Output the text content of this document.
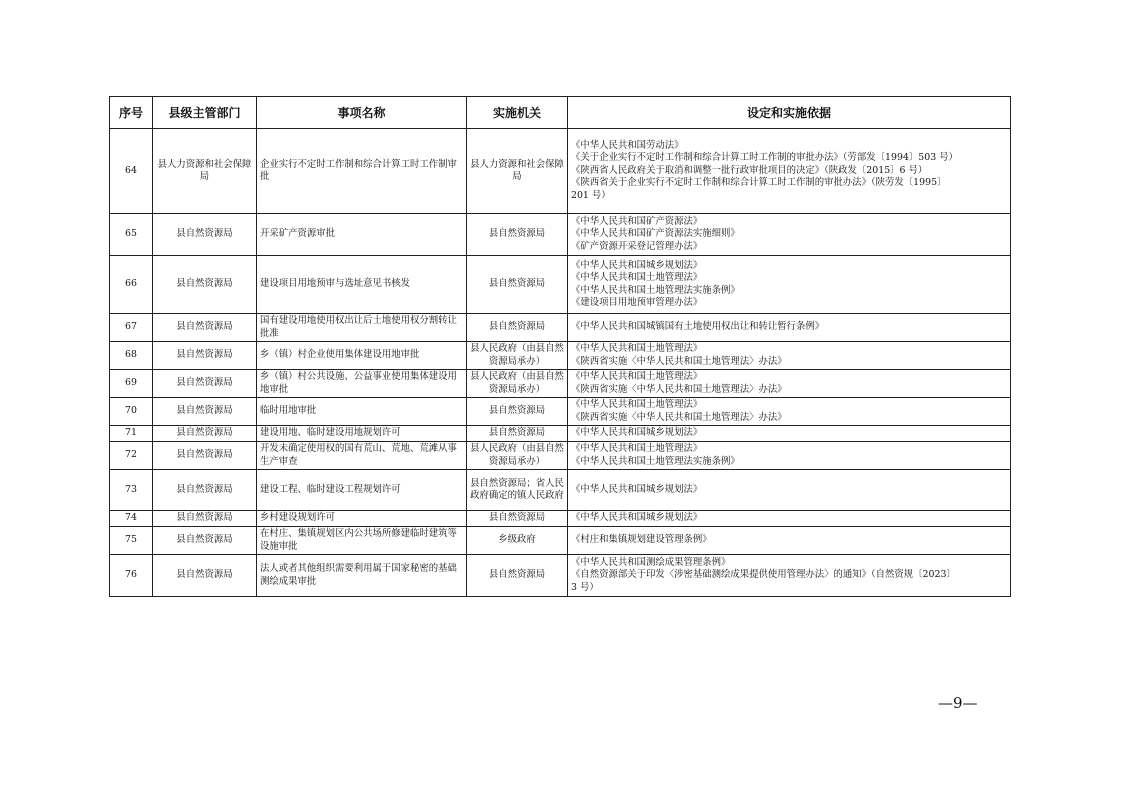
序号	县级主管部门	事项名称	实施机关	设定和实施依据
64	县人力资源和社会保障局	企业实行不定时工作制和综合计算工时工作制审批	县人力资源和社会保障局	《中华人民共和国劳动法》
《关于企业实行不定时工作制和综合计算工时工作制的审批办法》（劳部发〔1994〕503 号）
《陕西省人民政府关于取消和调整一批行政审批项目的决定》（陕政发〔2015〕6 号）
《陕西省关于企业实行不定时工作制和综合计算工时工作制的审批办法》（陕劳发〔1995〕
201 号）

65	县自然资源局	开采矿产资源审批	县自然资源局	《中华人民共和国矿产资源法》
《中华人民共和国矿产资源法实施细则》
《矿产资源开采登记管理办法》

66	县自然资源局	建设项目用地预审与选址意见书核发	县自然资源局	《中华人民共和国城乡规划法》
《中华人民共和国土地管理法》
《中华人民共和国土地管理法实施条例》
《建设项目用地预审管理办法》

67	县自然资源局	国有建设用地使用权出让后土地使用权分割转让批准	县自然资源局	《中华人民共和国城镇国有土地使用权出让和转让暂行条例》

68	县自然资源局	乡（镇）村企业使用集体建设用地审批	县人民政府（由县自然资源局承办）	《中华人民共和国土地管理法》
《陕西省实施〈中华人民共和国土地管理法〉办法》

69	县自然资源局	乡（镇）村公共设施、公益事业使用集体建设用地审批	县人民政府（由县自然资源局承办）	《中华人民共和国土地管理法》
《陕西省实施〈中华人民共和国土地管理法〉办法》

70	县自然资源局	临时用地审批	县自然资源局	《中华人民共和国土地管理法》
《陕西省实施〈中华人民共和国土地管理法〉办法》

71	县自然资源局	建设用地、临时建设用地规划许可	县自然资源局	《中华人民共和国城乡规划法》

72	县自然资源局	开发未确定使用权的国有荒山、荒地、荒滩从事生产审查	县人民政府（由县自然资源局承办）	《中华人民共和国土地管理法》
《中华人民共和国土地管理法实施条例》

73	县自然资源局	建设工程、临时建设工程规划许可	县自然资源局；省人民政府确定的镇人民政府	《中华人民共和国城乡规划法》

74	县自然资源局	乡村建设规划许可	县自然资源局	《中华人民共和国城乡规划法》

75	县自然资源局	在村庄、集镇规划区内公共场所修建临时建筑等设施审批	乡级政府	《村庄和集镇规划建设管理条例》

76	县自然资源局	法人或者其他组织需要利用属于国家秘密的基础测绘成果审批	县自然资源局	《中华人民共和国测绘成果管理条例》
《自然资源部关于印发〈涉密基础测绘成果提供使用管理办法〉的通知》（自然资规〔2023〕
3 号）
—9—
